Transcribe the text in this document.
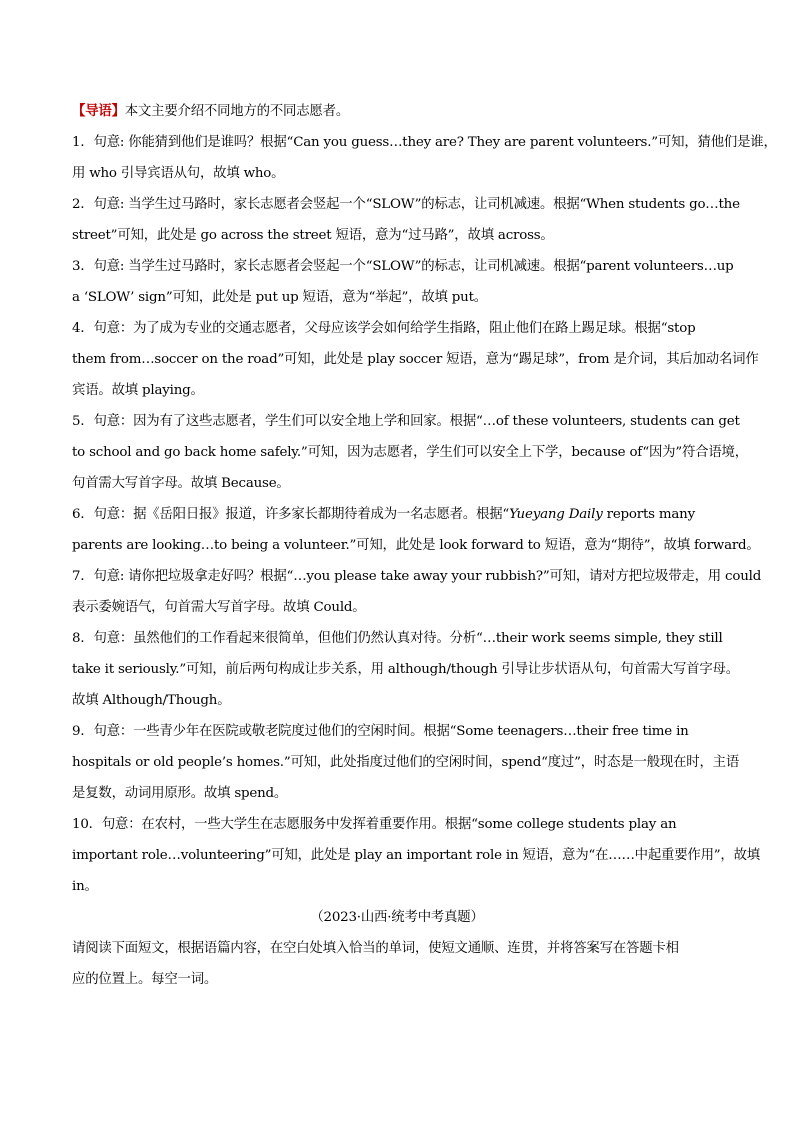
【导语】本文主要介绍不同地方的不同志愿者。
1．句意: 你能猜到他们是谁吗？根据“Can you guess…they are? They are parent volunteers.”可知，猜他们是谁，
用 who 引导宾语从句，故填 who。
2．句意: 当学生过马路时，家长志愿者会竖起一个“SLOW”的标志，让司机减速。根据“When students go…the
street”可知，此处是 go across the street 短语，意为“过马路”，故填 across。
3．句意: 当学生过马路时，家长志愿者会竖起一个“SLOW”的标志，让司机减速。根据“parent volunteers…up
a ‘SLOW’ sign”可知，此处是 put up 短语，意为“举起”，故填 put。
4．句意：为了成为专业的交通志愿者，父母应该学会如何给学生指路，阻止他们在路上踢足球。根据“stop
them from…soccer on the road”可知，此处是 play soccer 短语，意为“踢足球”，from 是介词，其后加动名词作
宾语。故填 playing。
5．句意：因为有了这些志愿者，学生们可以安全地上学和回家。根据“…of these volunteers, students can get
to school and go back home safely.”可知，因为志愿者，学生们可以安全上下学，because of“因为”符合语境，
句首需大写首字母。故填 Because。
6．句意：据《岳阳日报》报道，许多家长都期待着成为一名志愿者。根据“Yueyang Daily reports many
parents are looking…to being a volunteer.”可知，此处是 look forward to 短语，意为“期待”，故填 forward。
7．句意: 请你把垃圾拿走好吗？根据“…you please take away your rubbish?”可知，请对方把垃圾带走，用 could
表示委婉语气，句首需大写首字母。故填 Could。
8．句意：虽然他们的工作看起来很简单，但他们仍然认真对待。分析“…their work seems simple, they still
take it seriously.”可知，前后两句构成让步关系，用 although/though 引导让步状语从句，句首需大写首字母。
故填 Although/Though。
9．句意：一些青少年在医院或敬老院度过他们的空闲时间。根据“Some teenagers…their free time in
hospitals or old people’s homes.”可知，此处指度过他们的空闲时间，spend“度过”，时态是一般现在时，主语
是复数，动词用原形。故填 spend。
10．句意：在农村，一些大学生在志愿服务中发挥着重要作用。根据“some college students play an
important role…volunteering”可知，此处是 play an important role in 短语，意为“在……中起重要作用”，故填
in。
（2023·山西·统考中考真题）
请阅读下面短文，根据语篇内容，在空白处填入恰当的单词，使短文通顺、连贯，并将答案写在答题卡相
应的位置上。每空一词。
